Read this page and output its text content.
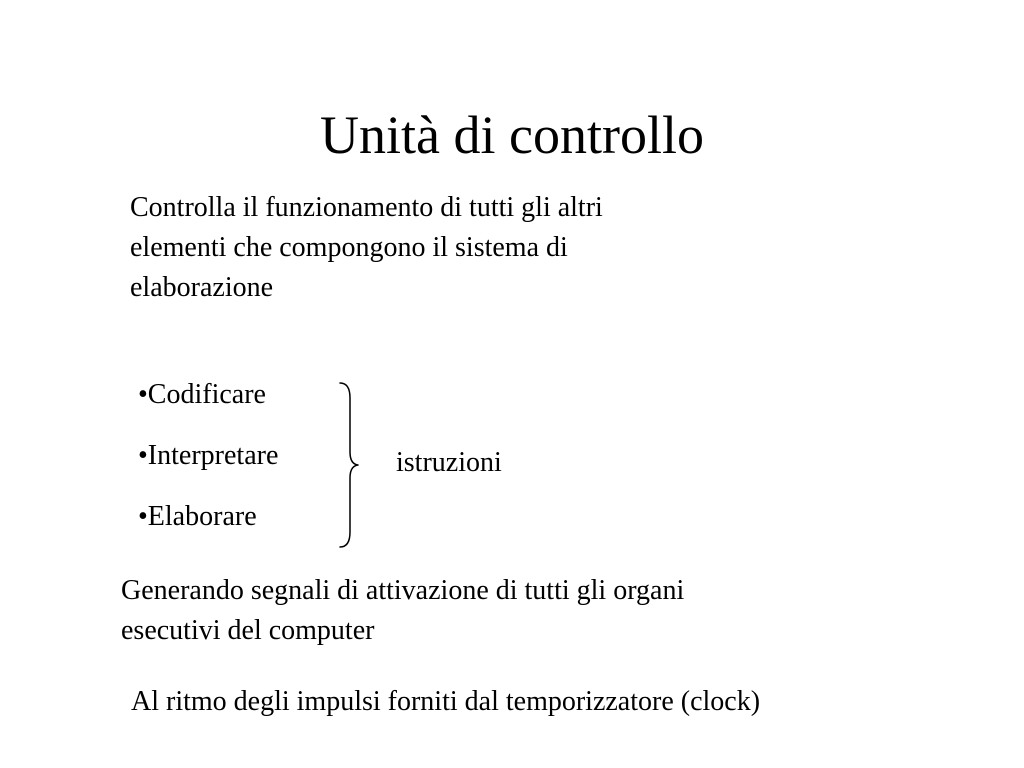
Unità di controllo
Controlla il funzionamento di tutti gli altri
elementi che compongono il sistema di
elaborazione
•Codificare
•Interpretare
•Elaborare
istruzioni
Generando segnali di attivazione di tutti gli organi
esecutivi del computer
Al ritmo degli impulsi forniti dal temporizzatore (clock)
